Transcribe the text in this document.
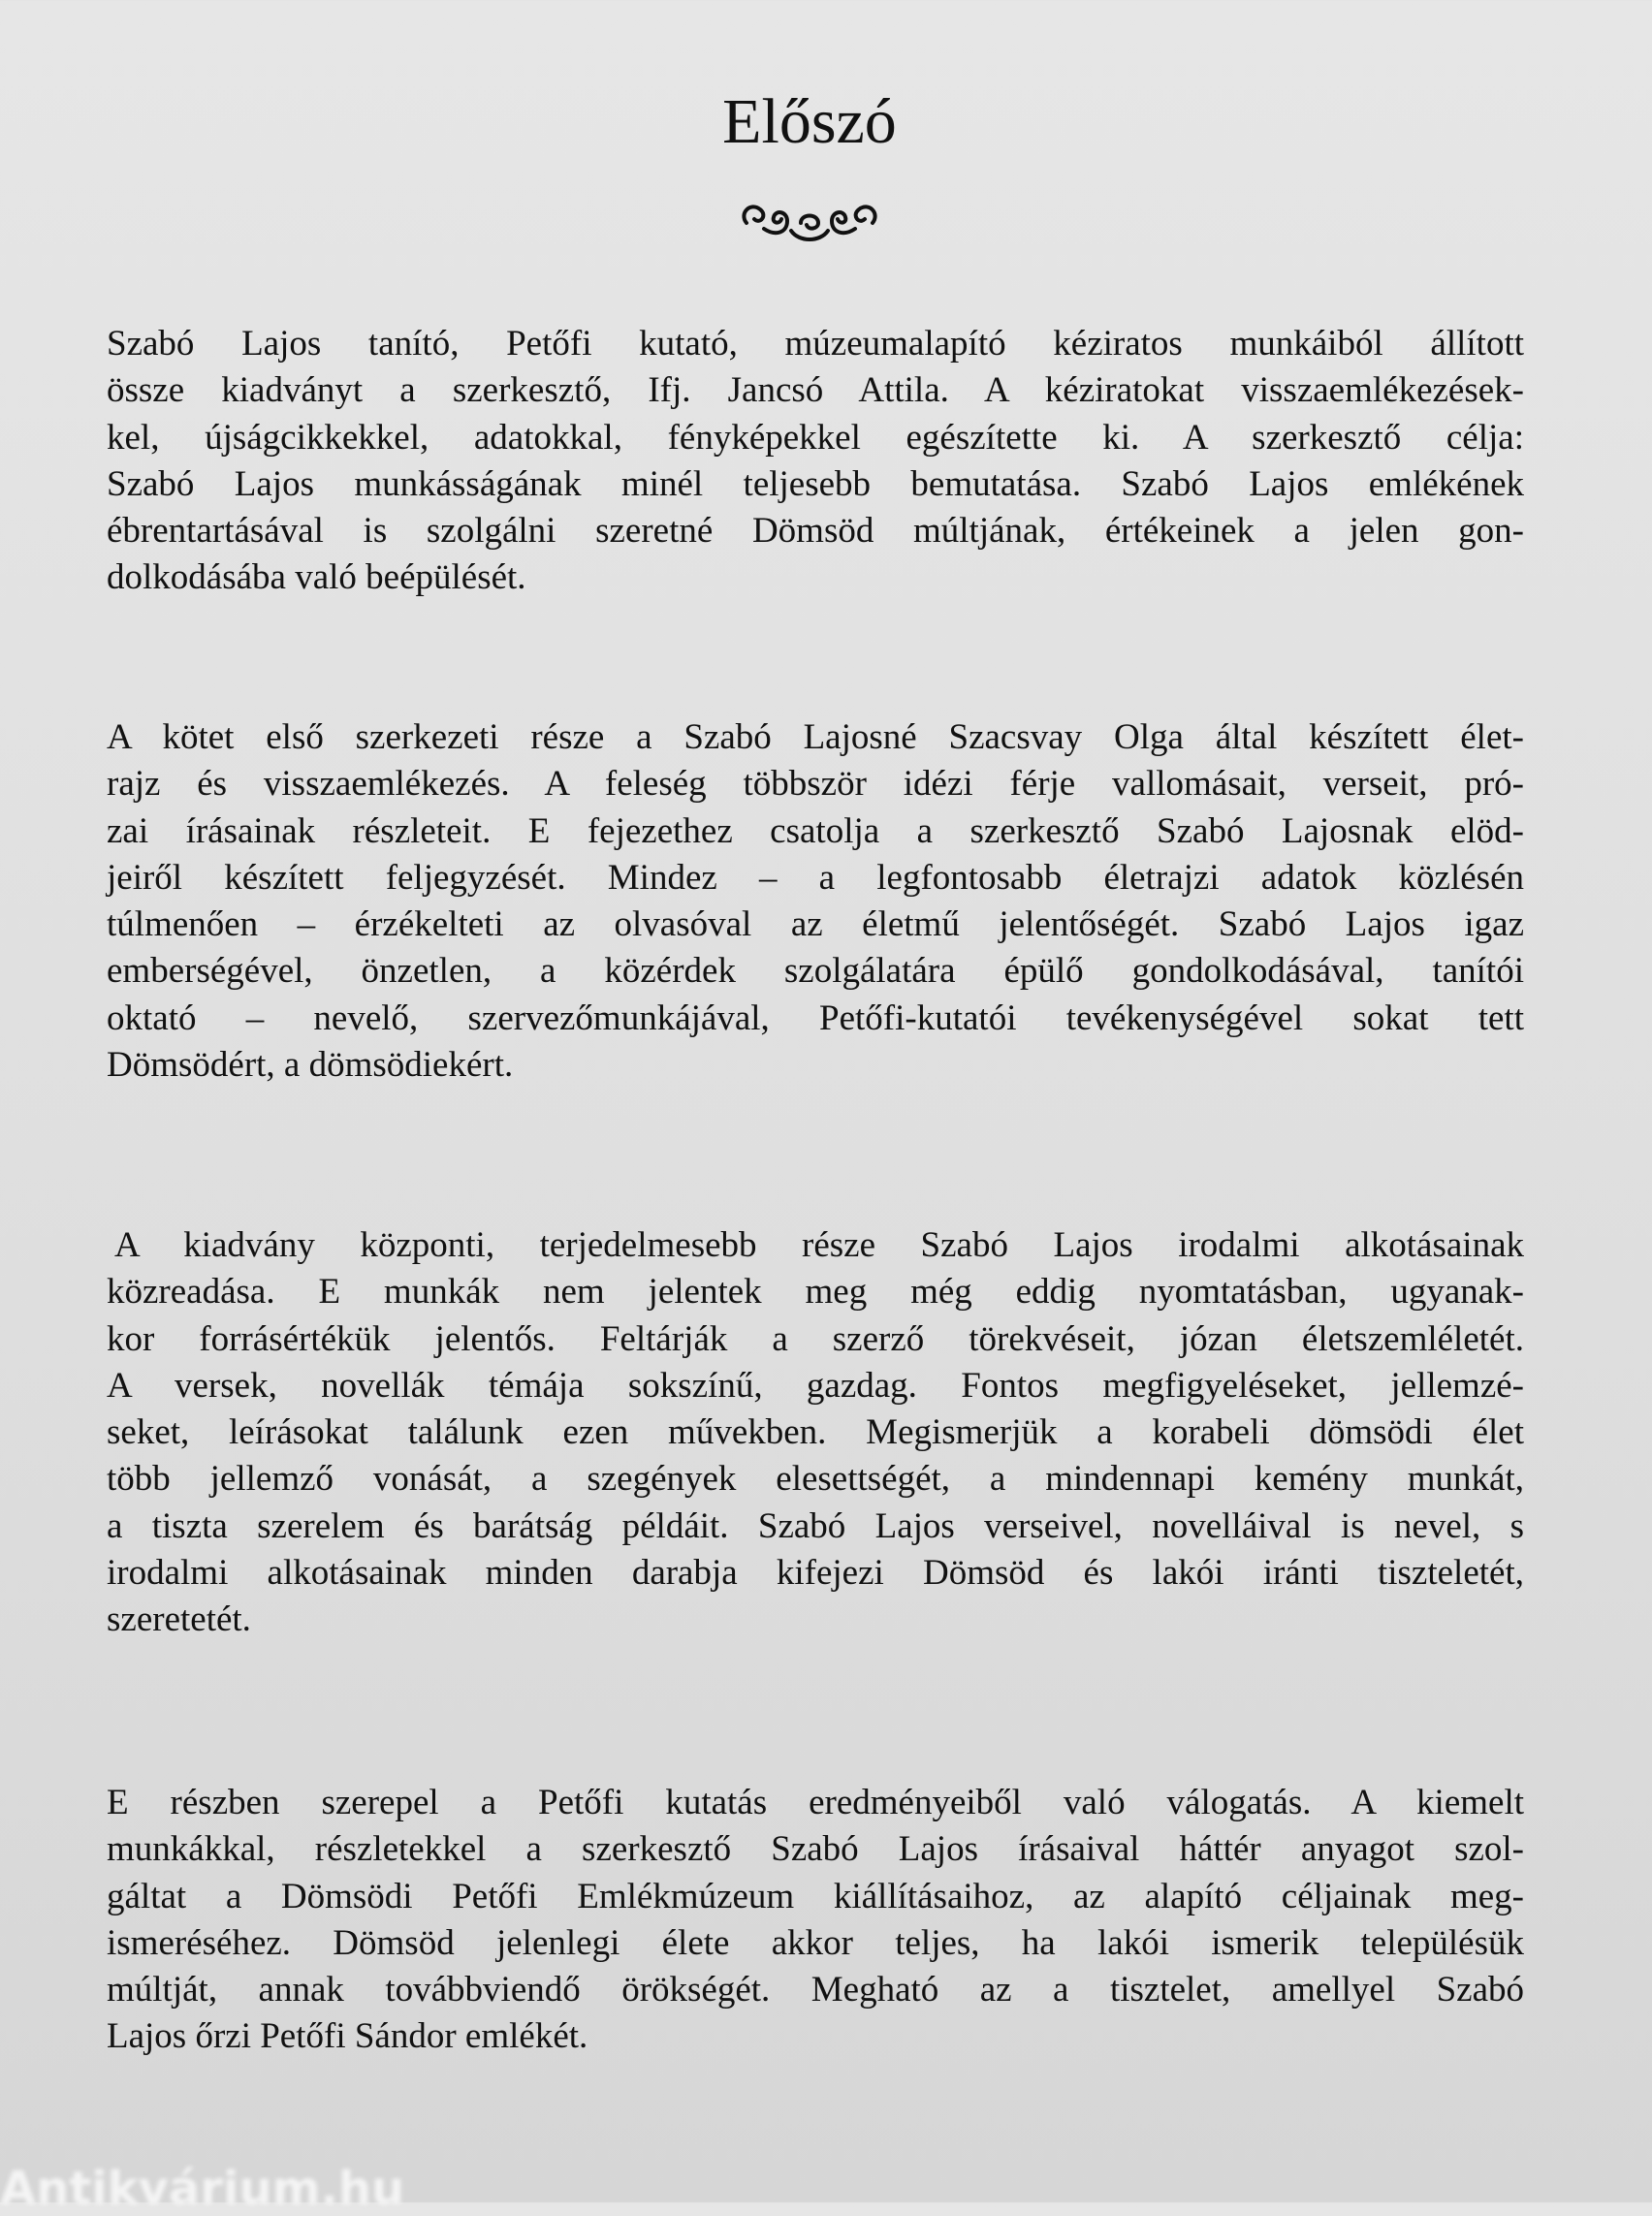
Előszó
Szabó Lajos tanító, Petőfi kutató, múzeumalapító kéziratos munkáiból állított
össze kiadványt a szerkesztő, Ifj. Jancsó Attila. A kéziratokat visszaemlékezések-
kel, újságcikkekkel, adatokkal, fényképekkel egészítette ki. A szerkesztő célja:
Szabó Lajos munkásságának minél teljesebb bemutatása. Szabó Lajos emlékének
ébrentartásával is szolgálni szeretné Dömsöd múltjának, értékeinek a jelen gon-
dolkodásába való beépülését.
A kötet első szerkezeti része a Szabó Lajosné Szacsvay Olga által készített élet-
rajz és visszaemlékezés. A feleség többször idézi férje vallomásait, verseit, pró-
zai írásainak részleteit. E fejezethez csatolja a szerkesztő Szabó Lajosnak elöd-
jeiről készített feljegyzését. Mindez – a legfontosabb életrajzi adatok közlésén
túlmenően – érzékelteti az olvasóval az életmű jelentőségét. Szabó Lajos igaz
emberségével, önzetlen, a közérdek szolgálatára épülő gondolkodásával, tanítói
oktató – nevelő, szervezőmunkájával, Petőfi-kutatói tevékenységével sokat tett
Dömsödért, a dömsödiekért.
A kiadvány központi, terjedelmesebb része Szabó Lajos irodalmi alkotásainak
közreadása. E munkák nem jelentek meg még eddig nyomtatásban, ugyanak-
kor forrásértékük jelentős. Feltárják a szerző törekvéseit, józan életszemléletét.
A versek, novellák témája sokszínű, gazdag. Fontos megfigyeléseket, jellemzé-
seket, leírásokat találunk ezen művekben. Megismerjük a korabeli dömsödi élet
több jellemző vonását, a szegények elesettségét, a mindennapi kemény munkát,
a tiszta szerelem és barátság példáit. Szabó Lajos verseivel, novelláival is nevel, s
irodalmi alkotásainak minden darabja kifejezi Dömsöd és lakói iránti tiszteletét,
szeretetét.
E részben szerepel a Petőfi kutatás eredményeiből való válogatás. A kiemelt
munkákkal, részletekkel a szerkesztő Szabó Lajos írásaival háttér anyagot szol-
gáltat a Dömsödi Petőfi Emlékmúzeum kiállításaihoz, az alapító céljainak meg-
ismeréséhez. Dömsöd jelenlegi élete akkor teljes, ha lakói ismerik településük
múltját, annak továbbviendő örökségét. Megható az a tisztelet, amellyel Szabó
Lajos őrzi Petőfi Sándor emlékét.
Antikvárium.hu
